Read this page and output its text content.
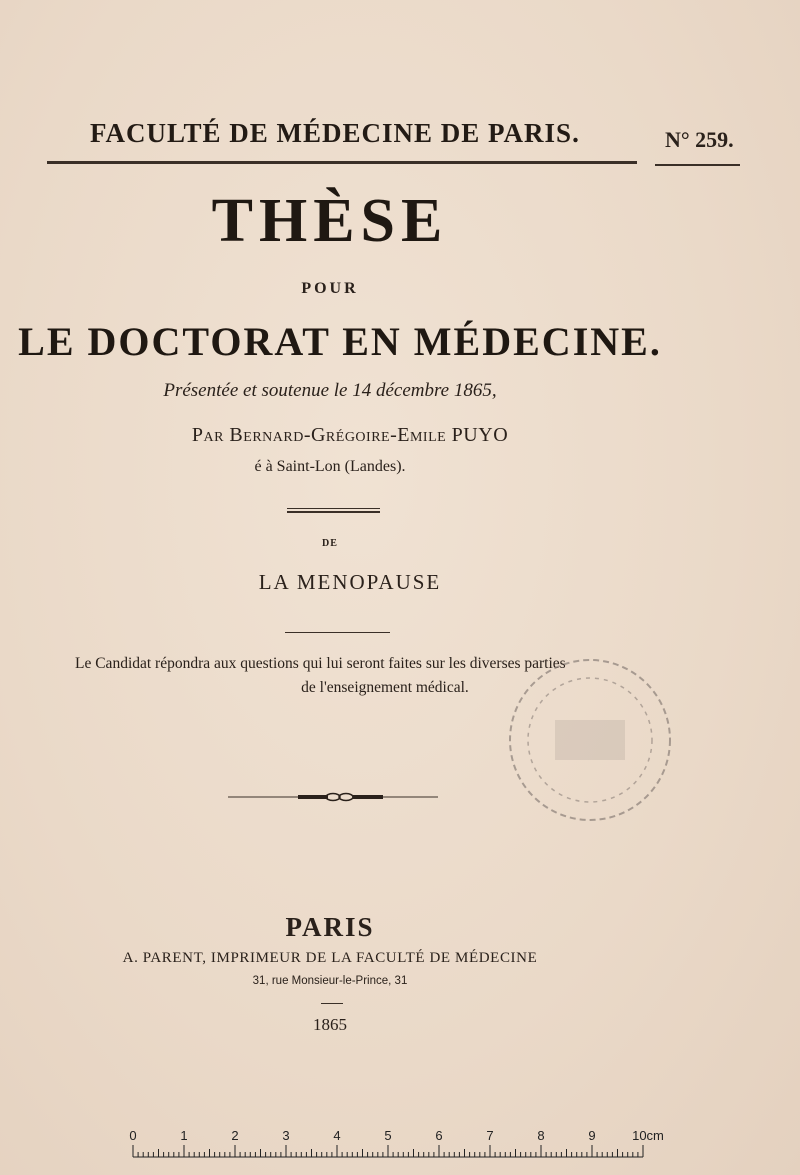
FACULTÉ DE MÉDECINE DE PARIS.	N° 259.
THÈSE
POUR
LE DOCTORAT EN MÉDECINE.
Présentée et soutenue le 14 décembre 1865,
Par Bernard-Grégoire-Emile PUYO
é à Saint-Lon (Landes).
DE
LA MENOPAUSE
Le Candidat répondra aux questions qui lui seront faites sur les diverses parties
de l'enseignement médical.
PARIS
A. PARENT, IMPRIMEUR DE LA FACULTÉ DE MÉDECINE
31, rue Monsieur-le-Prince, 31
1865
0	1	2	3	4	5	6	7	8	9	10cm
